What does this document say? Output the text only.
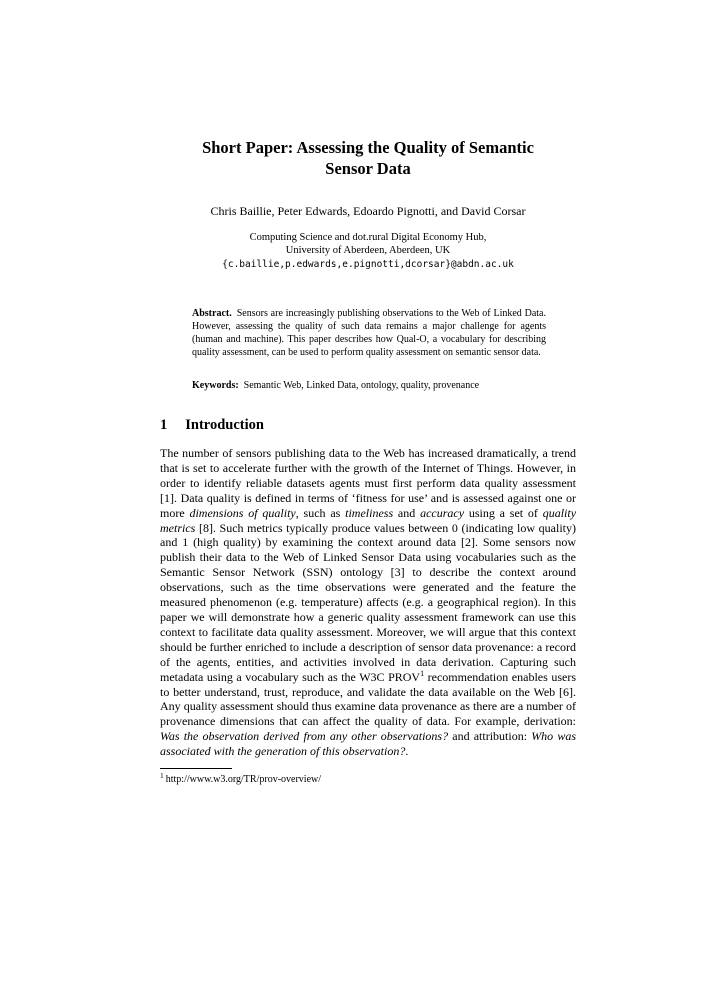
Short Paper: Assessing the Quality of Semantic
Sensor Data
Chris Baillie, Peter Edwards, Edoardo Pignotti, and David Corsar
Computing Science and dot.rural Digital Economy Hub,
University of Aberdeen, Aberdeen, UK
{c.baillie,p.edwards,e.pignotti,dcorsar}@abdn.ac.uk

Abstract. Sensors are increasingly publishing observations to the Web of Linked Data. However, assessing the quality of such data remains a major challenge for agents (human and machine). This paper describes how Qual-O, a vocabulary for describing quality assessment, can be used to perform quality assessment on semantic sensor data.

Keywords: Semantic Web, Linked Data, ontology, quality, provenance

1 Introduction

The number of sensors publishing data to the Web has increased dramatically, a trend that is set to accelerate further with the growth of the Internet of Things. However, in order to identify reliable datasets agents must first perform data quality assessment [1]. Data quality is defined in terms of ‘fitness for use’ and is assessed against one or more dimensions of quality, such as timeliness and accuracy using a set of quality metrics [8]. Such metrics typically produce values between 0 (indicating low quality) and 1 (high quality) by examining the context around data [2]. Some sensors now publish their data to the Web of Linked Sensor Data using vocabularies such as the Semantic Sensor Network (SSN) ontology [3] to describe the context around observations, such as the time observations were generated and the feature the measured phenomenon (e.g. temperature) affects (e.g. a geographical region). In this paper we will demonstrate how a generic quality assessment framework can use this context to facilitate data quality assessment. Moreover, we will argue that this context should be further enriched to include a description of sensor data provenance: a record of the agents, entities, and activities involved in data derivation. Capturing such metadata using a vocabulary such as the W3C PROV$^1$ recommendation enables users to better understand, trust, reproduce, and validate the data available on the Web [6]. Any quality assessment should thus examine data provenance as there are a number of provenance dimensions that can affect the quality of data. For example, derivation: Was the observation derived from any other observations? and attribution: Who was associated with the generation of this observation?.

$^1$ http://www.w3.org/TR/prov-overview/
